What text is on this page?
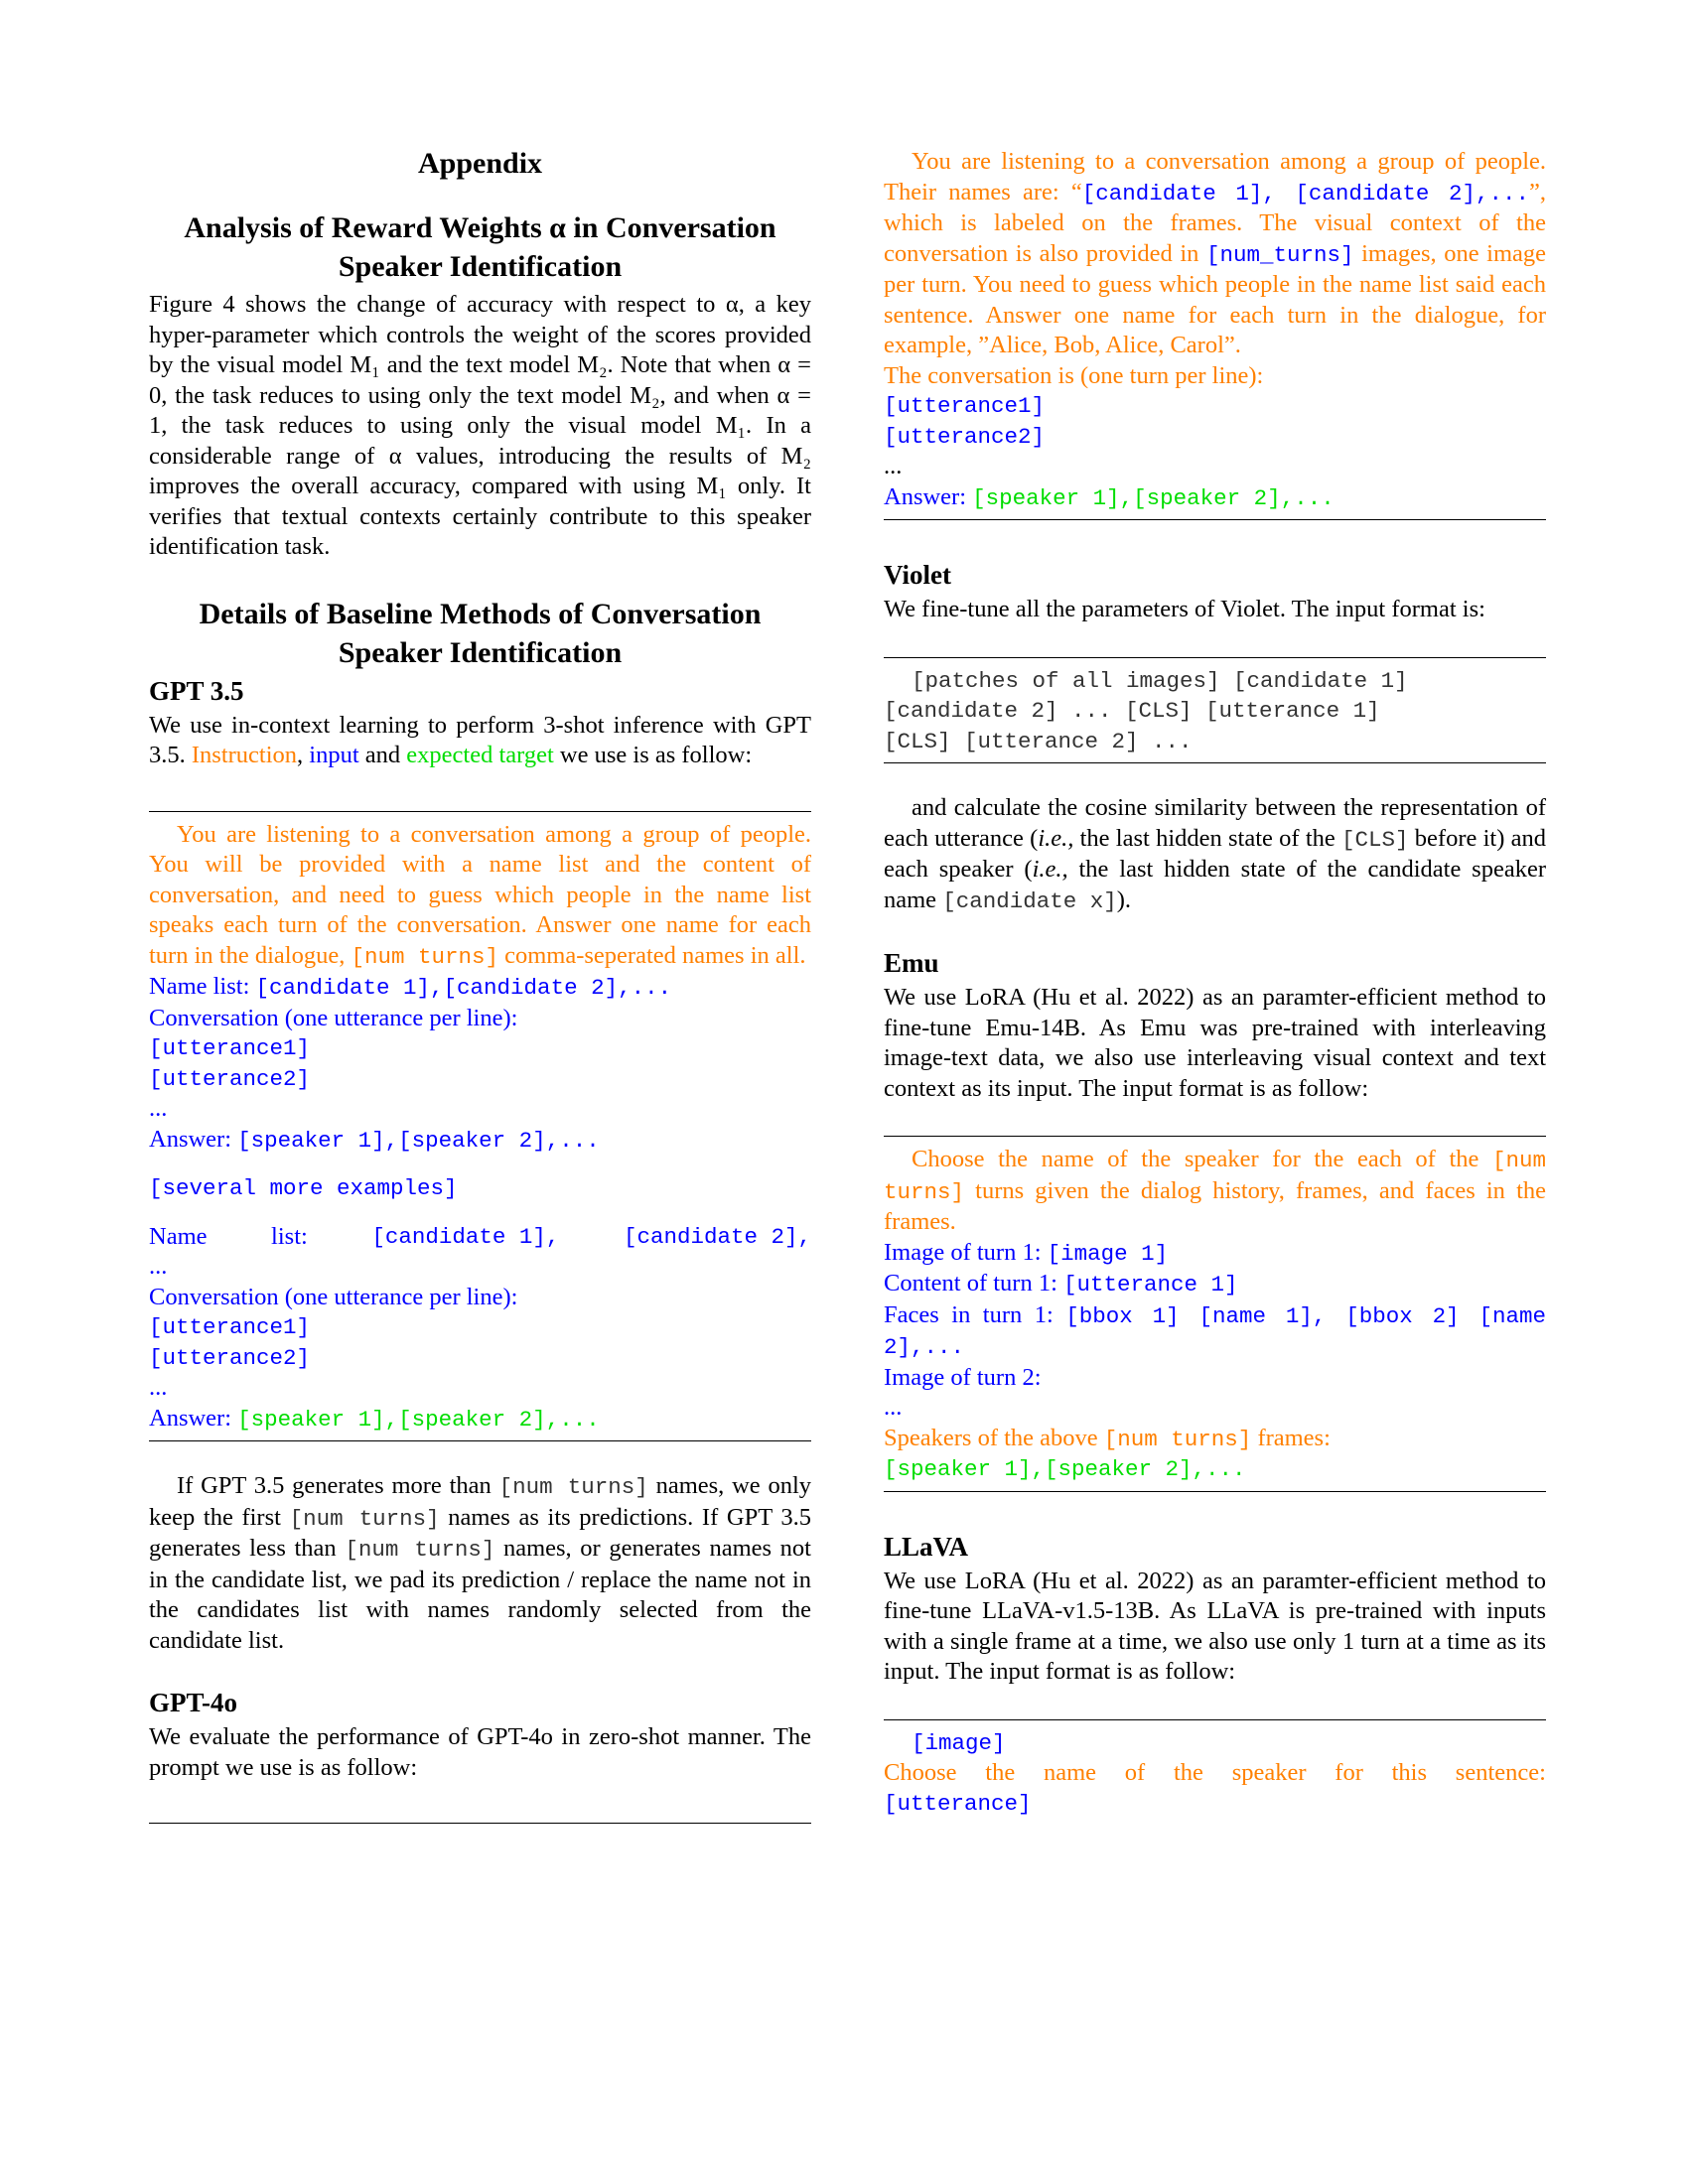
Appendix
Analysis of Reward Weights α in Conversation Speaker Identification

Figure 4 shows the change of accuracy with respect to α, a key hyper-parameter which controls the weight of the scores provided by the visual model M₁ and the text model M₂. Note that when α = 0, the task reduces to using only the text model M₂, and when α = 1, the task reduces to using only the visual model M₁. In a considerable range of α values, introducing the results of M₂ improves the overall accuracy, compared with using M₁ only. It verifies that textual contexts certainly contribute to this speaker identification task.

Details of Baseline Methods of Conversation Speaker Identification
GPT 3.5

We use in-context learning to perform 3-shot inference with GPT 3.5. Instruction, input and expected target we use is as follow:

You are listening to a conversation among a group of people. You will be provided with a name list and the content of conversation, and need to guess which people in the name list speaks each turn of the conversation. Answer one name for each turn in the dialogue, [num turns] comma-seperated names in all.

Name list: [candidate 1],[candidate 2],...
Conversation (one utterance per line):
[utterance1]
[utterance2]
...
Answer: [speaker 1],[speaker 2],...
[several more examples]
Name	list:	[candidate 1],	[candidate 2],
...
Conversation (one utterance per line):
[utterance1]
[utterance2]
...
Answer: [speaker 1],[speaker 2],...

If GPT 3.5 generates more than [num turns] names, we only keep the first [num turns] names as its predictions. If GPT 3.5 generates less than [num turns] names, or generates names not in the candidate list, we pad its prediction / replace the name not in the candidates list with names randomly selected from the candidate list.

GPT-4o

We evaluate the performance of GPT-4o in zero-shot manner. The prompt we use is as follow:

You are listening to a conversation among a group of people. Their names are: “[candidate 1], [candidate 2],...”, which is labeled on the frames. The visual context of the conversation is also provided in [num_turns] images, one image per turn. You need to guess which people in the name list said each sentence. Answer one name for each turn in the dialogue, for example, ”Alice, Bob, Alice, Carol”.

The conversation is (one turn per line):
[utterance1]
[utterance2]
...
Answer: [speaker 1],[speaker 2],...
Violet

We fine-tune all the parameters of Violet. The input format is:

[patches of all images] [candidate 1]
[candidate 2] ... [CLS] [utterance 1]
[CLS] [utterance 2] ...

and calculate the cosine similarity between the representation of each utterance (i.e., the last hidden state of the [CLS] before it) and each speaker (i.e., the last hidden state of the candidate speaker name [candidate x]).

Emu

We use LoRA (Hu et al. 2022) as an paramter-efficient method to fine-tune Emu-14B. As Emu was pre-trained with interleaving image-text data, we also use interleaving visual context and text context as its input. The input format is as follow:

Choose the name of the speaker for the each of the [num turns] turns given the dialog history, frames, and faces in the frames.

Image of turn 1: [image 1]
Content of turn 1: [utterance 1]
Faces in turn 1: [bbox 1] [name 1], [bbox 2] [name 2],...
Image of turn 2:
...
Speakers of the above [num turns] frames:
[speaker 1],[speaker 2],...
LLaVA

We use LoRA (Hu et al. 2022) as an paramter-efficient method to fine-tune LLaVA-v1.5-13B. As LLaVA is pre-trained with inputs with a single frame at a time, we also use only 1 turn at a time as its input. The input format is as follow:

[image]
Choose the name of the speaker for this sentence:
[utterance]
